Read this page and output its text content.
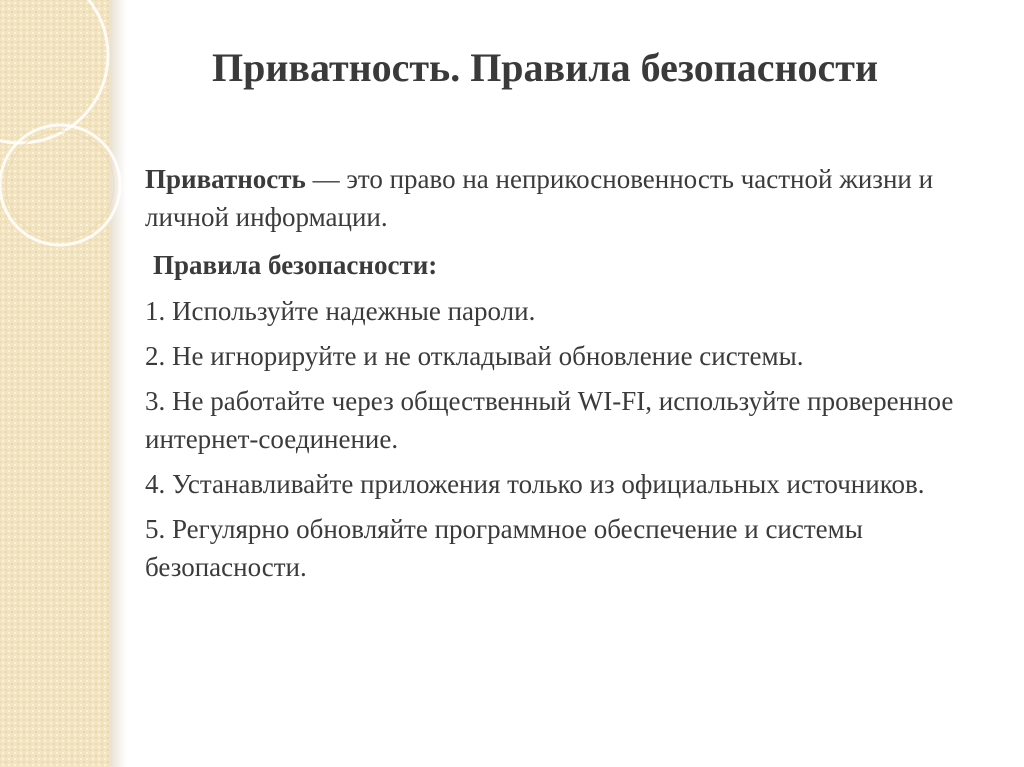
Приватность. Правила безопасности

Приватность — это право на неприкосновенность частной жизни и личной информации.

Правила безопасности:

1. Используйте надежные пароли.
2. Не игнорируйте и не откладывай обновление системы.
3. Не работайте через общественный WI-FI, используйте проверенное интернет-соединение.
4. Устанавливайте приложения только из официальных источников.
5. Регулярно обновляйте программное обеспечение и системы безопасности.
